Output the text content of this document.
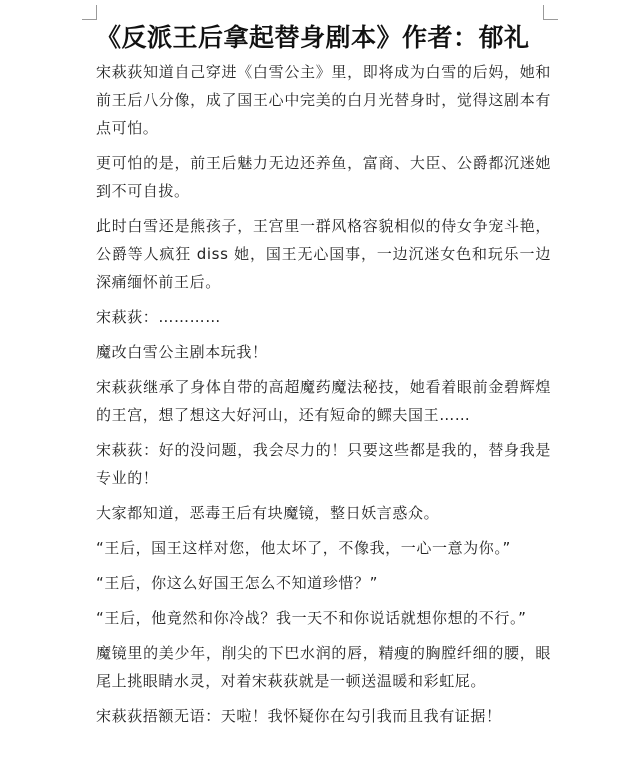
《反派王后拿起替身剧本》作者：郁礼

宋萩荻知道自己穿进《白雪公主》里，即将成为白雪的后妈，她和前王后八分像，成了国王心中完美的白月光替身时，觉得这剧本有点可怕。

更可怕的是，前王后魅力无边还养鱼，富商、大臣、公爵都沉迷她到不可自拔。

此时白雪还是熊孩子，王宫里一群风格容貌相似的侍女争宠斗艳，公爵等人疯狂 diss 她，国王无心国事，一边沉迷女色和玩乐一边深痛缅怀前王后。

宋萩荻：…………

魔改白雪公主剧本玩我！

宋萩荻继承了身体自带的高超魔药魔法秘技，她看着眼前金碧辉煌的王宫，想了想这大好河山，还有短命的鳏夫国王……

宋萩荻：好的没问题，我会尽力的！只要这些都是我的，替身我是专业的！

大家都知道，恶毒王后有块魔镜，整日妖言惑众。

“王后，国王这样对您，他太坏了，不像我，一心一意为你。”

“王后，你这么好国王怎么不知道珍惜？”

“王后，他竟然和你冷战？我一天不和你说话就想你想的不行。”

魔镜里的美少年，削尖的下巴水润的唇，精瘦的胸膛纤细的腰，眼尾上挑眼睛水灵，对着宋萩荻就是一顿送温暖和彩虹屁。

宋萩荻捂额无语：天啦！我怀疑你在勾引我而且我有证据！
